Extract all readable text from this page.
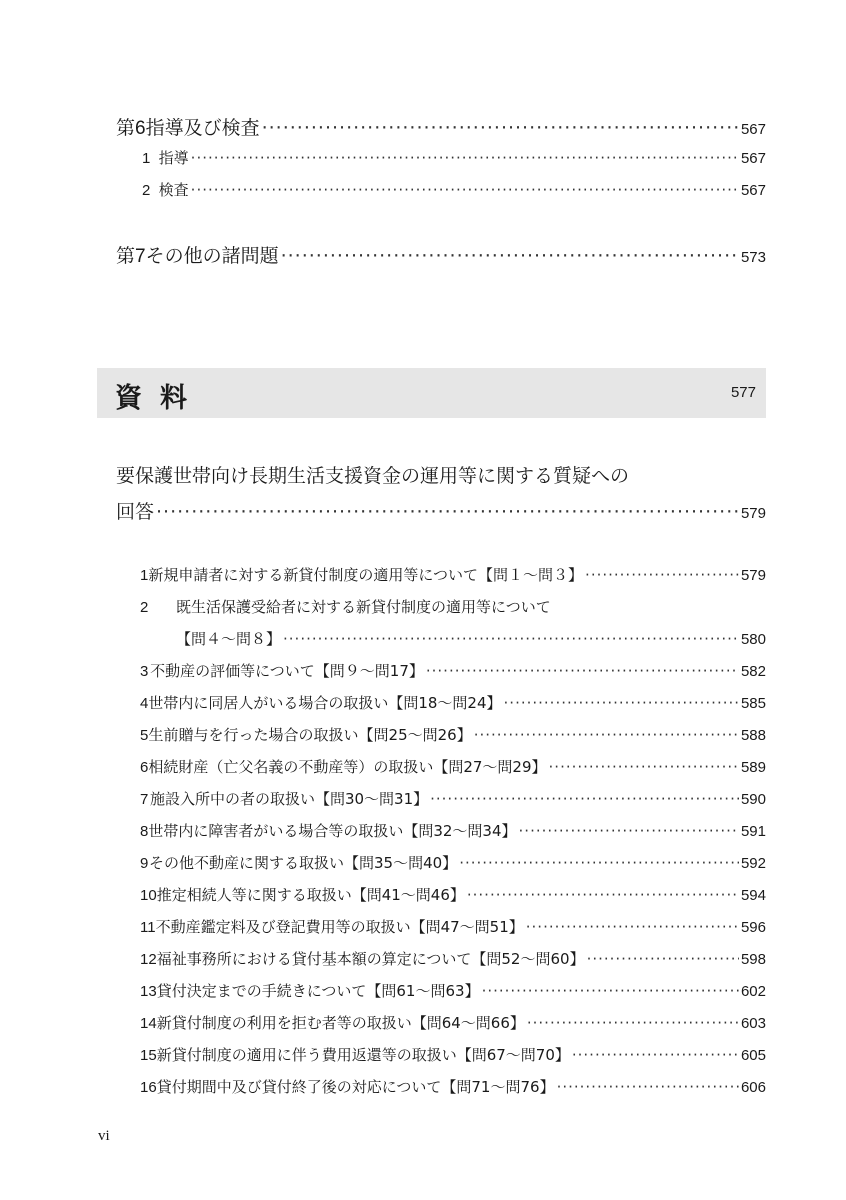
第6 指導及び検査 ·····	567
1 指導 ·····	567
2 検査 ·····	567
第7 その他の諸問題 ·····	573
資料	577
要保護世帯向け長期生活支援資金の運用等に関する質疑への
回答 ·····	579
1 新規申請者に対する新貸付制度の適用等について【問１～問３】 ·····	579
2 既生活保護受給者に対する新貸付制度の適用等について
【問４～問８】 ·····	580
3 不動産の評価等について【問９～問17】 ·····	582
4 世帯内に同居人がいる場合の取扱い【問18～問24】 ·····	585
5 生前贈与を行った場合の取扱い【問25～問26】 ·····	588
6 相続財産（亡父名義の不動産等）の取扱い【問27～問29】 ·····	589
7 施設入所中の者の取扱い【問30～問31】 ·····	590
8 世帯内に障害者がいる場合等の取扱い【問32～問34】 ·····	591
9 その他不動産に関する取扱い【問35～問40】 ·····	592
10 推定相続人等に関する取扱い【問41～問46】 ·····	594
11 不動産鑑定料及び登記費用等の取扱い【問47～問51】 ·····	596
12 福祉事務所における貸付基本額の算定について【問52～問60】 ·····	598
13 貸付決定までの手続きについて【問61～問63】 ·····	602
14 新貸付制度の利用を拒む者等の取扱い【問64～問66】 ·····	603
15 新貸付制度の適用に伴う費用返還等の取扱い【問67～問70】 ·····	605
16 貸付期間中及び貸付終了後の対応について【問71～問76】 ·····	606
vi
